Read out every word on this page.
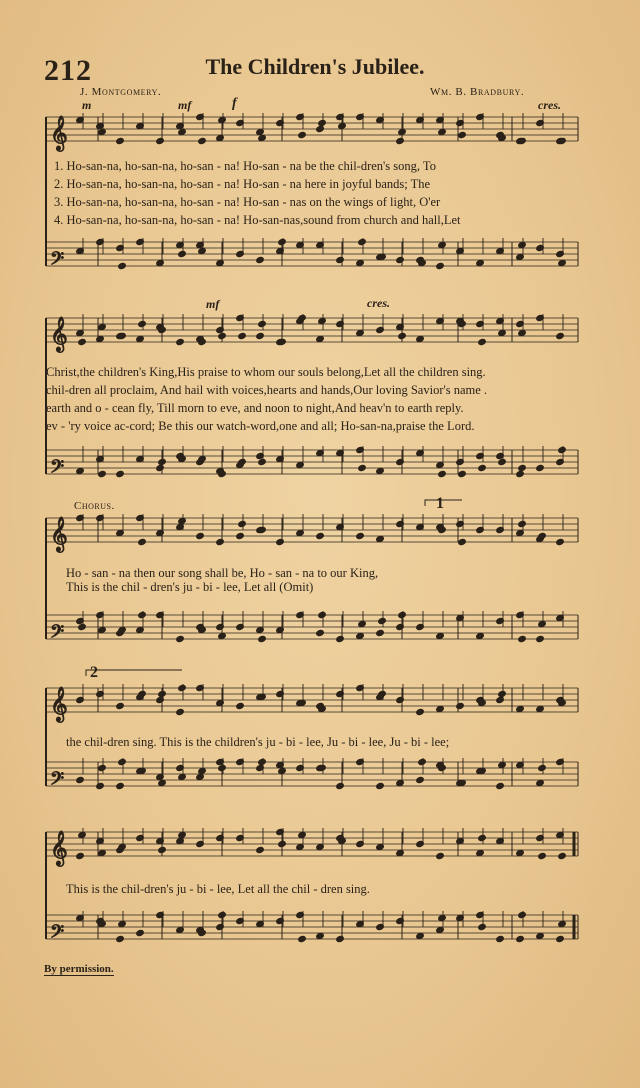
212	The Children's Jubilee.
J. Montgomery.	Wm. B. Bradbury.
m	mf	f	cres.
mf	cres.
𝄞
𝄢
𝄞
𝄢
𝄞
𝄢
𝄞
𝄢
𝄞
𝄢
1. Ho-san-na, ho-san-na, ho-san - na! Ho-san - na be the chil-dren's song, To
2. Ho-san-na, ho-san-na, ho-san - na! Ho-san - na here in joyful bands; The
3. Ho-san-na, ho-san-na, ho-san - na! Ho-san - nas on the wings of light, O'er
4. Ho-san-na, ho-san-na, ho-san - na! Ho-san-nas,sound from church and hall,Let
Christ,the children's King,His praise to whom our souls belong,Let all the children sing.
chil-dren all proclaim, And hail with voices,hearts and hands,Our loving Savior's name .
earth and o - cean fly, Till morn to eve, and noon to night,And heav'n to earth reply.
ev - 'ry voice ac-cord; Be this our watch-word,one and all; Ho-san-na,praise the Lord.
Chorus.	1
2
Ho - san - na then our song shall be, Ho - san - na to our King,
This is the chil - dren's ju - bi - lee, Let all (Omit)
the chil-dren sing. This is the children's ju - bi - lee, Ju - bi - lee, Ju - bi - lee;
This is the chil-dren's ju - bi - lee, Let all the chil - dren sing.
By permission.
